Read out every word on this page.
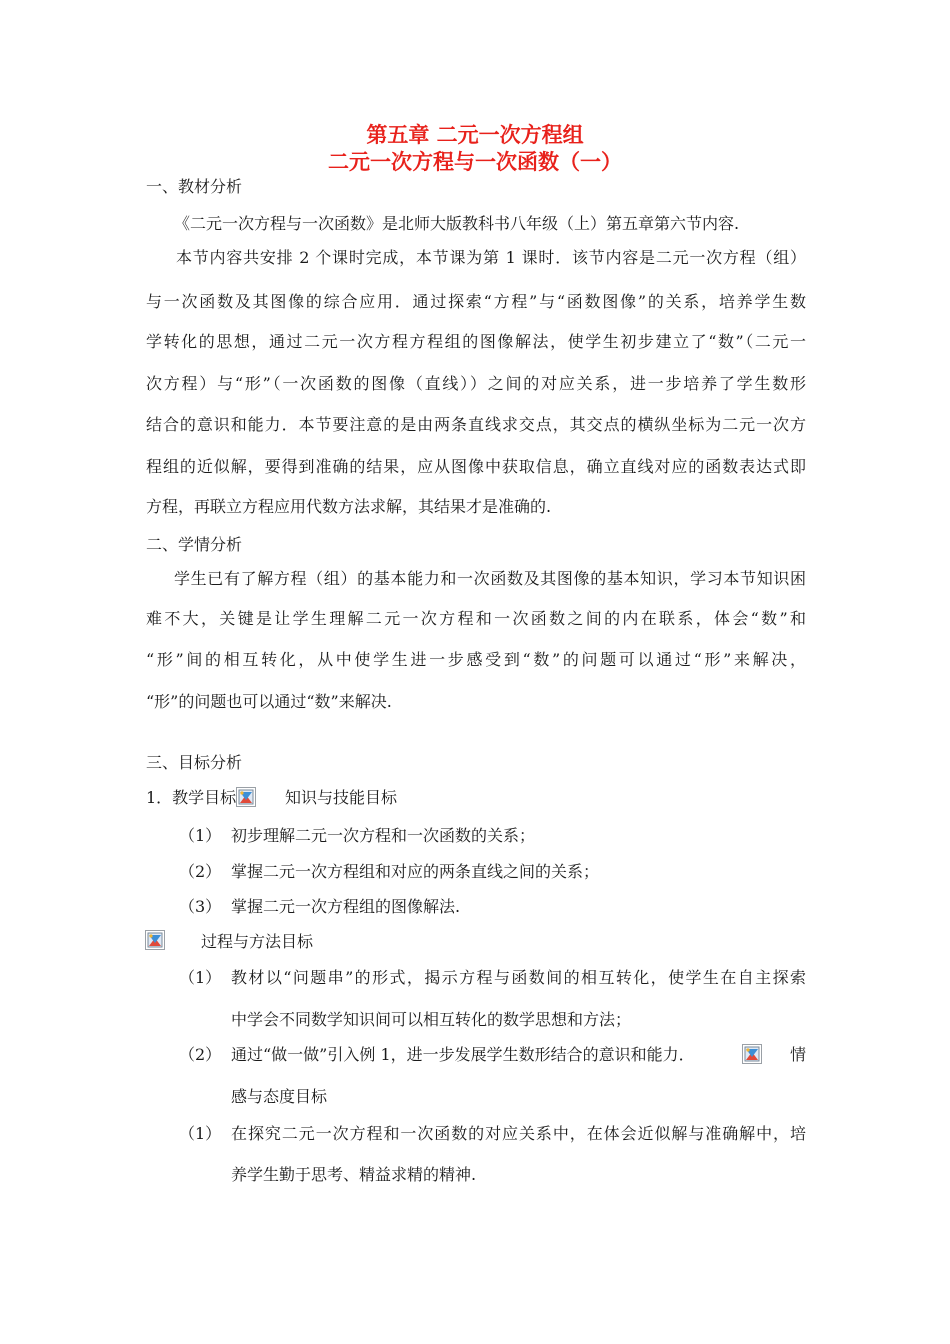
第五章 二元一次方程组
二元一次方程与一次函数（一）
一、教材分析
《二元一次方程与一次函数》是北师大版教科书八年级（上）第五章第六节内容.
本节内容共安排 2 个课时完成，本节课为第 1 课时．该节内容是二元一次方程（组）
与一次函数及其图像的综合应用．通过探索“方程”与“函数图像”的关系，培养学生数
学转化的思想，通过二元一次方程方程组的图像解法，使学生初步建立了“数”（二元一
次方程）与“形”（一次函数的图像（直线））之间的对应关系，进一步培养了学生数形
结合的意识和能力．本节要注意的是由两条直线求交点，其交点的横纵坐标为二元一次方
程组的近似解，要得到准确的结果，应从图像中获取信息，确立直线对应的函数表达式即
方程，再联立方程应用代数方法求解，其结果才是准确的.
二、学情分析
学生已有了解方程（组）的基本能力和一次函数及其图像的基本知识，学习本节知识困
难不大，关键是让学生理解二元一次方程和一次函数之间的内在联系，体会“数”和
“形”间的相互转化，从中使学生进一步感受到“数”的问题可以通过“形”来解决，
“形”的问题也可以通过“数”来解决.
三、目标分析
1．教学目标	知识与技能目标
（1） 初步理解二元一次方程和一次函数的关系；
（2） 掌握二元一次方程组和对应的两条直线之间的关系；
（3） 掌握二元一次方程组的图像解法.
过程与方法目标
（1） 教材以“问题串”的形式，揭示方程与函数间的相互转化，使学生在自主探索
中学会不同数学知识间可以相互转化的数学思想和方法；
（2） 通过“做一做”引入例 1，进一步发展学生数形结合的意识和能力．	情
感与态度目标
（1） 在探究二元一次方程和一次函数的对应关系中，在体会近似解与准确解中，培
养学生勤于思考、精益求精的精神.
